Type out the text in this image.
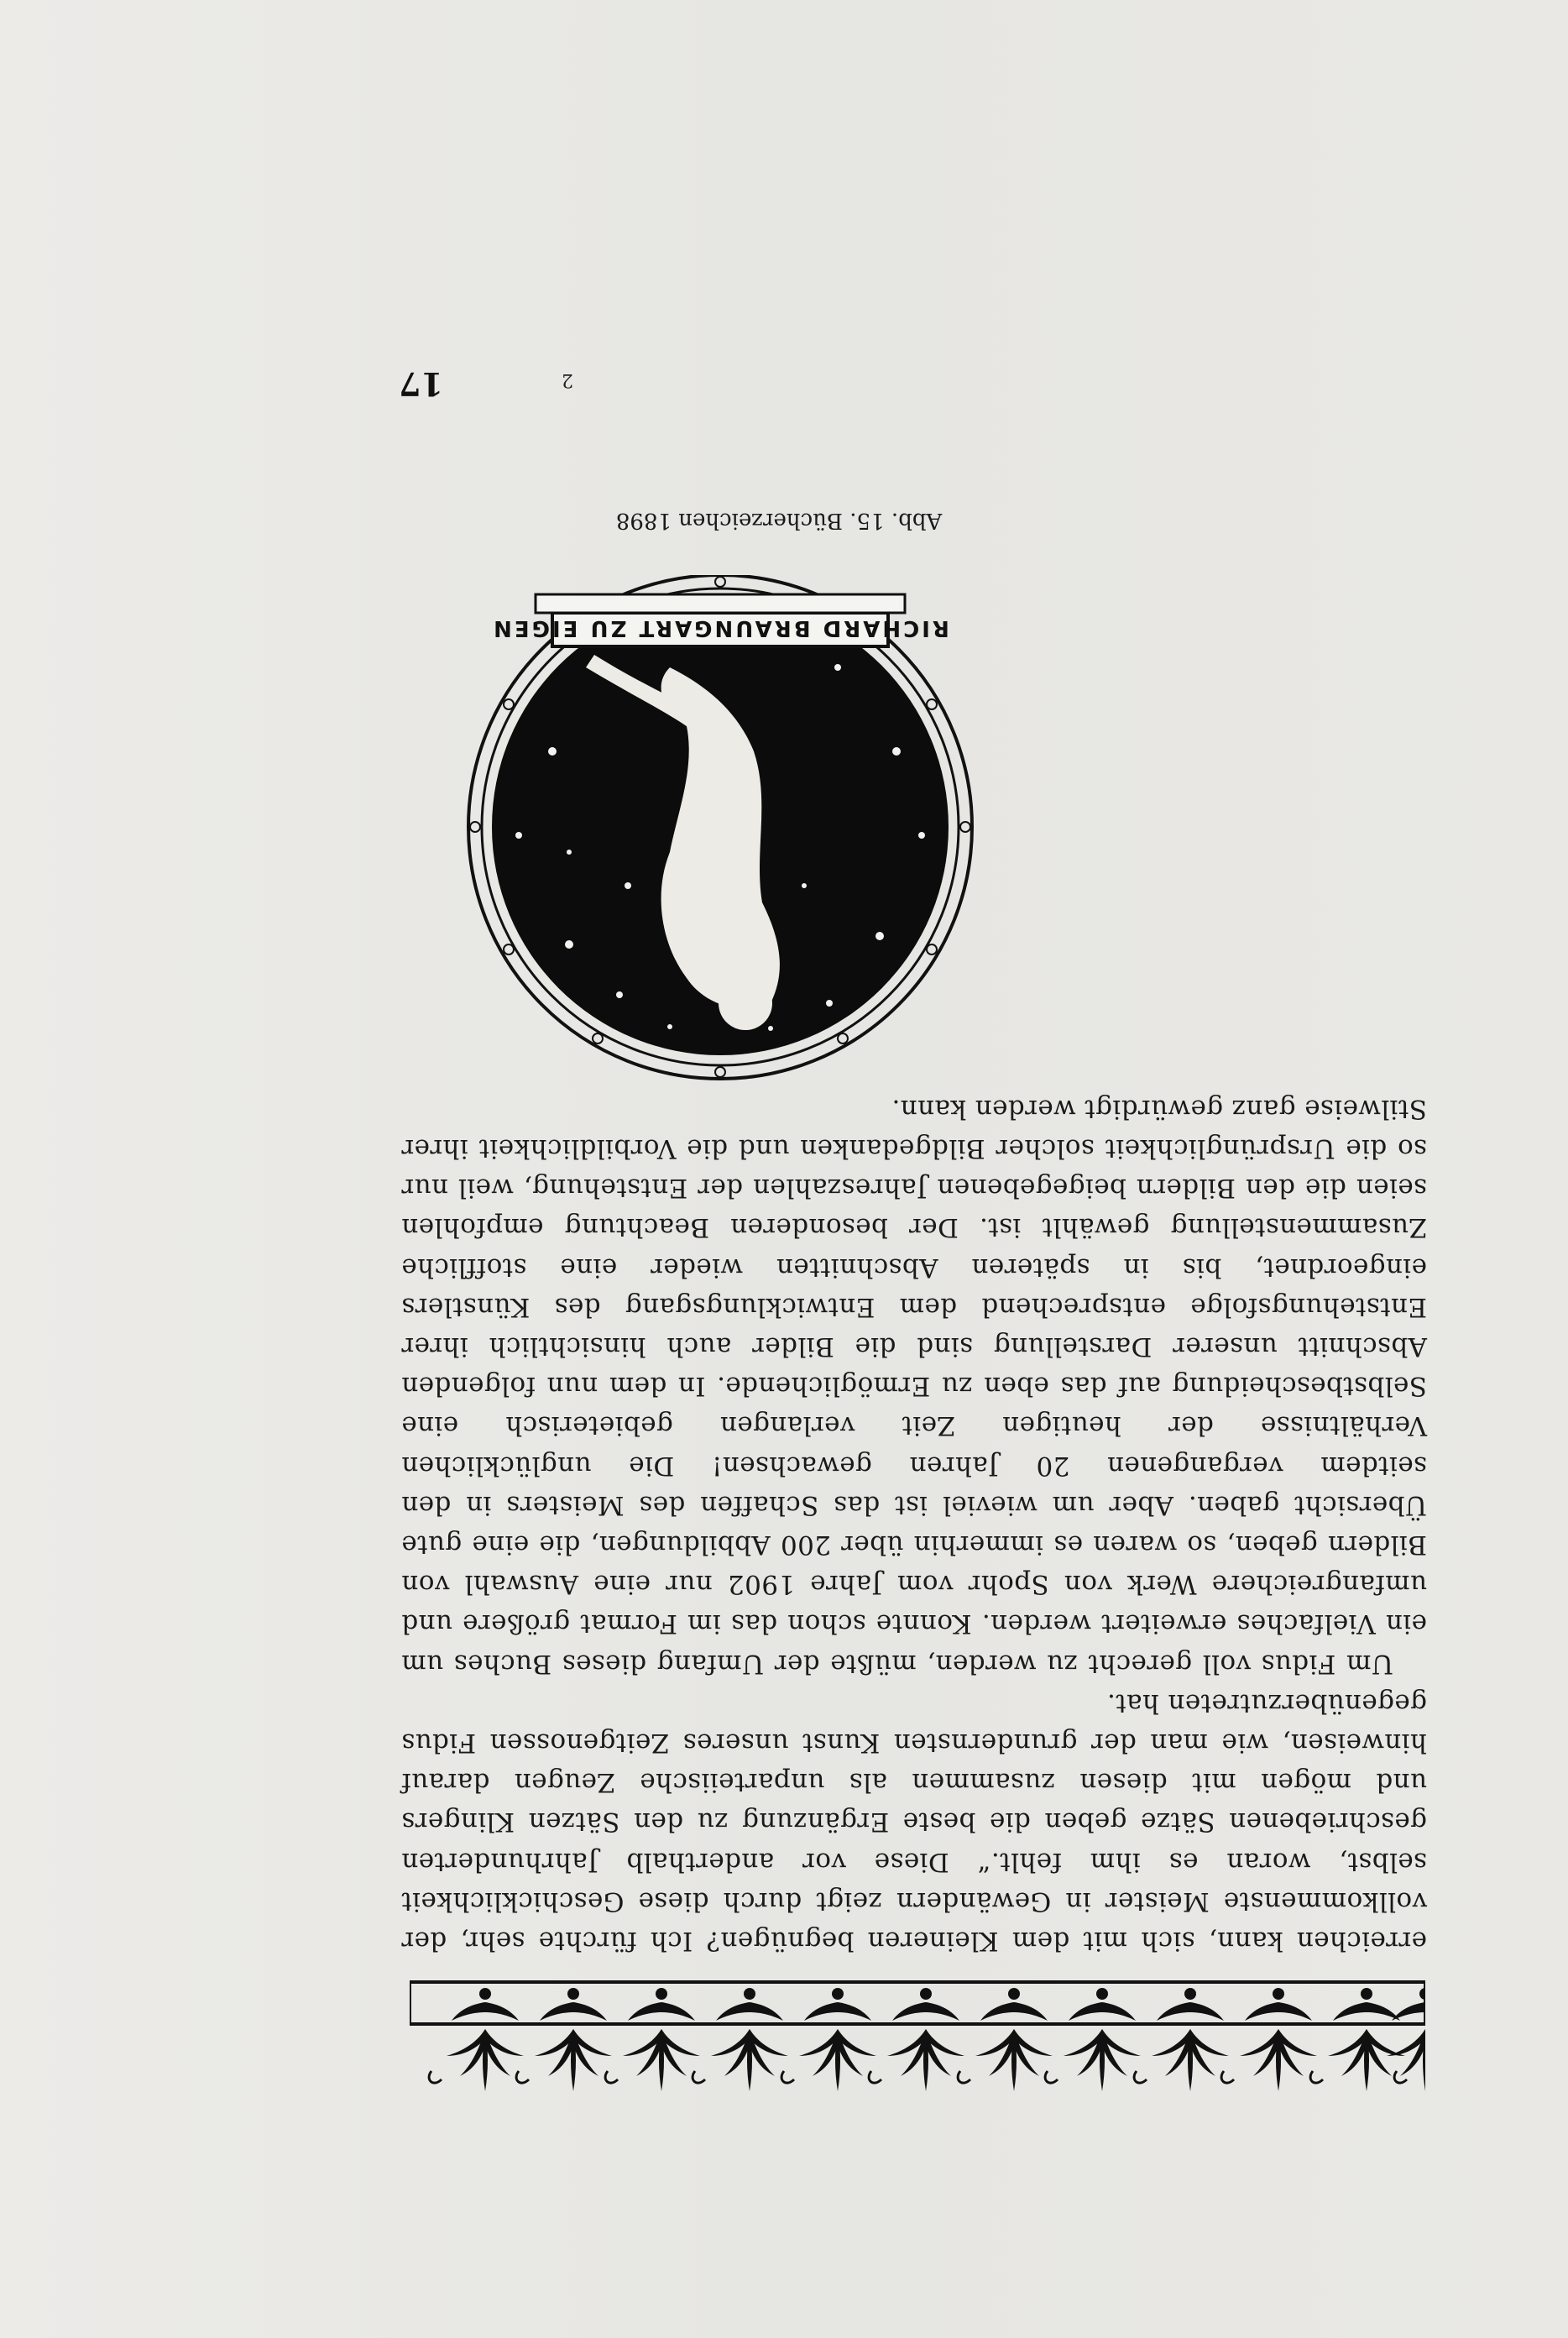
erreichen kann, sich mit dem Kleineren begnügen? Ich fürchte sehr, der vollkommenste Meister in Gewändern zeigt durch diese Geschicklichkeit selbst, woran es ihm fehlt.“ Diese vor anderthalb Jahrhunderten geschriebenen Sätze geben die beste Ergänzung zu den Sätzen Klingers und mögen mit diesen zusammen als unparteiische Zeugen darauf hinweisen, wie man der grundernsten Kunst unseres Zeitgenossen Fidus gegenüberzutreten hat.

Um Fidus voll gerecht zu werden, müßte der Umfang dieses Buches um ein Vielfaches erweitert werden. Konnte schon das im Format größere und umfangreichere Werk von Spohr vom Jahre 1902 nur eine Auswahl von Bildern geben, so waren es immerhin über 200 Abbildungen, die eine gute Übersicht gaben. Aber um wieviel ist das Schaffen des Meisters in den seitdem vergangenen 20 Jahren gewachsen! Die unglücklichen Verhältnisse der heutigen Zeit verlangen gebieterisch eine Selbstbescheidung auf das eben zu Ermöglichende. In dem nun folgenden Abschnitt unserer Darstellung sind die Bilder auch hinsichtlich ihrer Entstehungsfolge entsprechend dem Entwicklungsgang des Künstlers eingeordnet, bis in späteren Abschnitten wieder eine stoffliche Zusammenstellung gewählt ist. Der besonderen Beachtung empfohlen seien die den Bildern beigegebenen Jahreszahlen der Entstehung, weil nur so die Ursprünglichkeit solcher Bildgedanken und die Vorbildlichkeit ihrer Stilweise ganz gewürdigt werden kann.

RICHARD BRAUNGART ZU EIGEN
Abb. 15. Bücherzeichen 1898
2
17
